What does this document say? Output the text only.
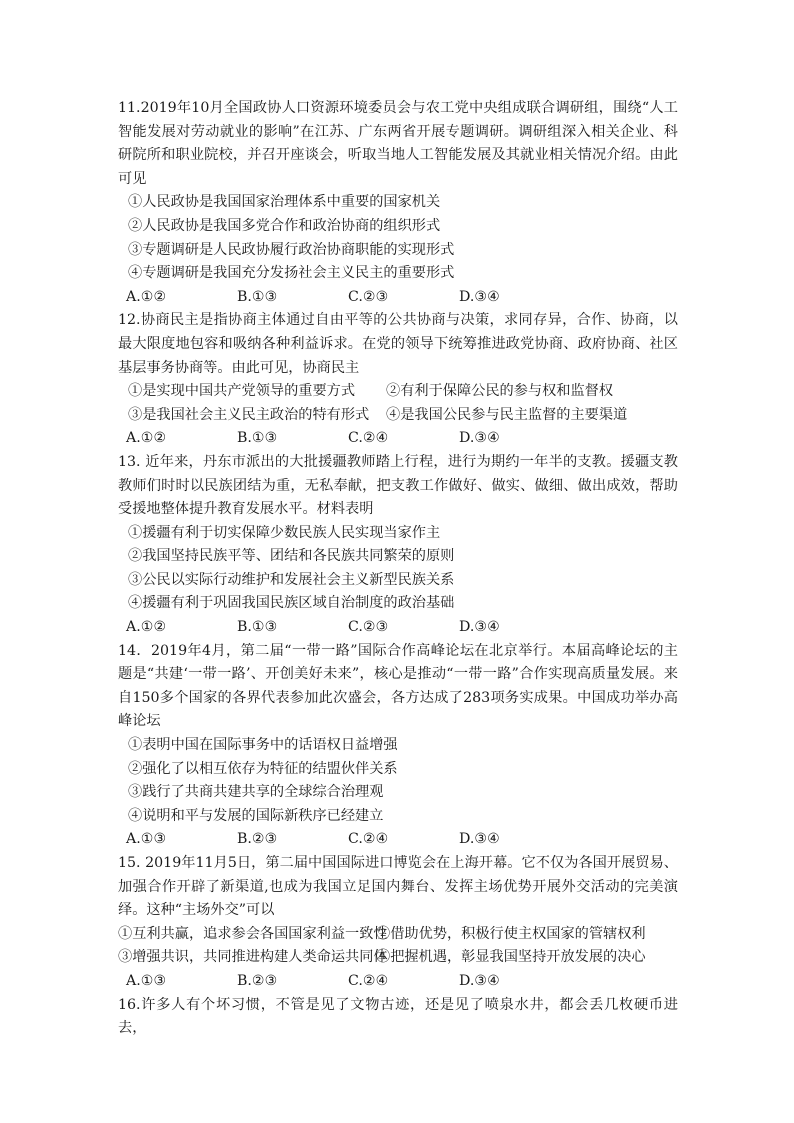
11.2019年10月全国政协人口资源环境委员会与农工党中央组成联合调研组，围绕“人工智能发展对劳动就业的影响”在江苏、广东两省开展专题调研。调研组深入相关企业、科研院所和职业院校，并召开座谈会，听取当地人工智能发展及其就业相关情况介绍。由此可见
①人民政协是我国国家治理体系中重要的国家机关
②人民政协是我国多党合作和政治协商的组织形式
③专题调研是人民政协履行政治协商职能的实现形式
④专题调研是我国充分发扬社会主义民主的重要形式
A.①②	B.①③	C.②③	D.③④
12.协商民主是指协商主体通过自由平等的公共协商与决策，求同存异，合作、协商，以最大限度地包容和吸纳各种利益诉求。在党的领导下统筹推进政党协商、政府协商、社区基层事务协商等。由此可见，协商民主
①是实现中国共产党领导的重要方式	②有利于保障公民的参与权和监督权
③是我国社会主义民主政治的特有形式	④是我国公民参与民主监督的主要渠道
A.①②	B.①③	C.②④	D.③④
13. 近年来，丹东市派出的大批援疆教师踏上行程，进行为期约一年半的支教。援疆支教教师们时时以民族团结为重，无私奉献，把支教工作做好、做实、做细、做出成效，帮助受援地整体提升教育发展水平。材料表明
①援疆有利于切实保障少数民族人民实现当家作主
②我国坚持民族平等、团结和各民族共同繁荣的原则
③公民以实际行动维护和发展社会主义新型民族关系
④援疆有利于巩固我国民族区域自治制度的政治基础
A.①②	B.①③	C.②③	D.③④
14．2019年4月，第二届“一带一路”国际合作高峰论坛在北京举行。本届高峰论坛的主题是“共建‘一带一路’、开创美好未来”，核心是推动“一带一路”合作实现高质量发展。来自150多个国家的各界代表参加此次盛会，各方达成了283项务实成果。中国成功举办高峰论坛
①表明中国在国际事务中的话语权日益增强
②强化了以相互依存为特征的结盟伙伴关系
③践行了共商共建共享的全球综合治理观
④说明和平与发展的国际新秩序已经建立
A.①③	B.②③	C.②④	D.③④
15. 2019年11月5日，第二届中国国际进口博览会在上海开幕。它不仅为各国开展贸易、加强合作开辟了新渠道,也成为我国立足国内舞台、发挥主场优势开展外交活动的完美演绎。这种“主场外交”可以
①互利共赢，追求参会各国国家利益一致性
②借助优势，积极行使主权国家的管辖权利
③增强共识，共同推进构建人类命运共同体
④把握机遇，彰显我国坚持开放发展的决心
A.①③	B.②③	C.②④	D.③④
16.许多人有个坏习惯，不管是见了文物古迹，还是见了喷泉水井，都会丢几枚硬币进去，
